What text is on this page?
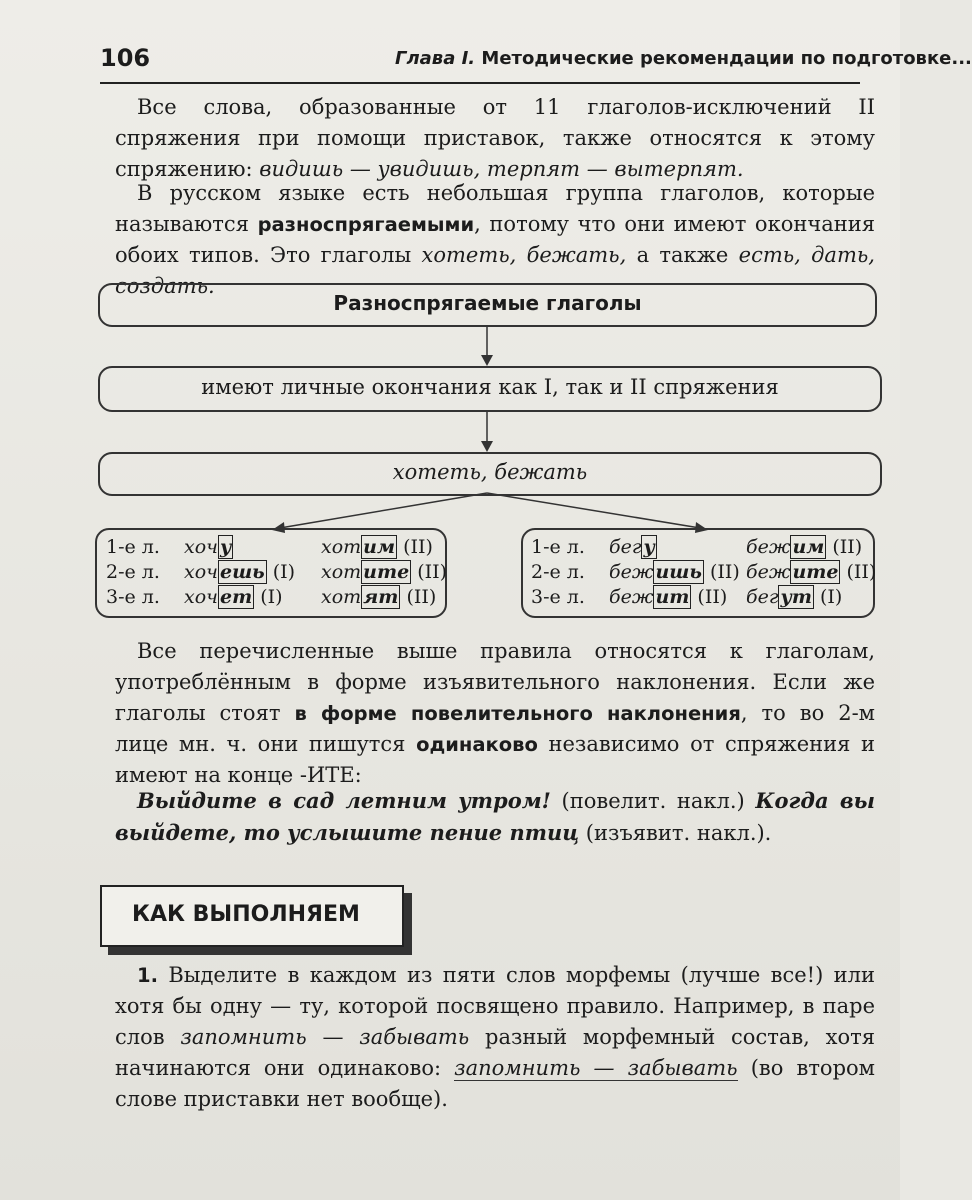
106	Глава I. Методические рекомендации по подготовке...
Все слова, образованные от 11 глаголов-исключений II спряжения при помощи приставок, также относятся к этому спряжению: видишь — увидишь, терпят — вытерпят.
В русском языке есть небольшая группа глаголов, которые называются разноспрягаемыми, потому что они имеют окончания обоих типов. Это глаголы хотеть, бежать, а также есть, дать, создать.
Разноспрягаемые глаголы
имеют личные окончания как I, так и II спряжения
хотеть, бежать
1-е л. хоч у	хот им (II)
2-е л. хоч ешь (I) хот ите (II)
3-е л. хоч ет (I) хот ят (II)
1-е л. бег у	беж им (II)
2-е л. беж ишь (II) беж ите (II)
3-е л. беж ит (II) бег ут (I)
Все перечисленные выше правила относятся к глаголам, употреблённым в форме изъявительного наклонения. Если же глаголы стоят в форме повелительного наклонения, то во 2-м лице мн. ч. они пишутся одинаково независимо от спряжения и имеют на конце -ИТЕ:
Выйдите в сад летним утром! (повелит. накл.) Когда вы выйдете, то услышите пение птиц (изъявит. накл.).
КАК ВЫПОЛНЯЕМ
1. Выделите в каждом из пяти слов морфемы (лучше все!) или хотя бы одну — ту, которой посвящено правило. Например, в паре слов запомнить — забывать разный морфемный состав, хотя начинаются они одинаково: запомнить — забывать (во втором слове приставки нет вообще).
